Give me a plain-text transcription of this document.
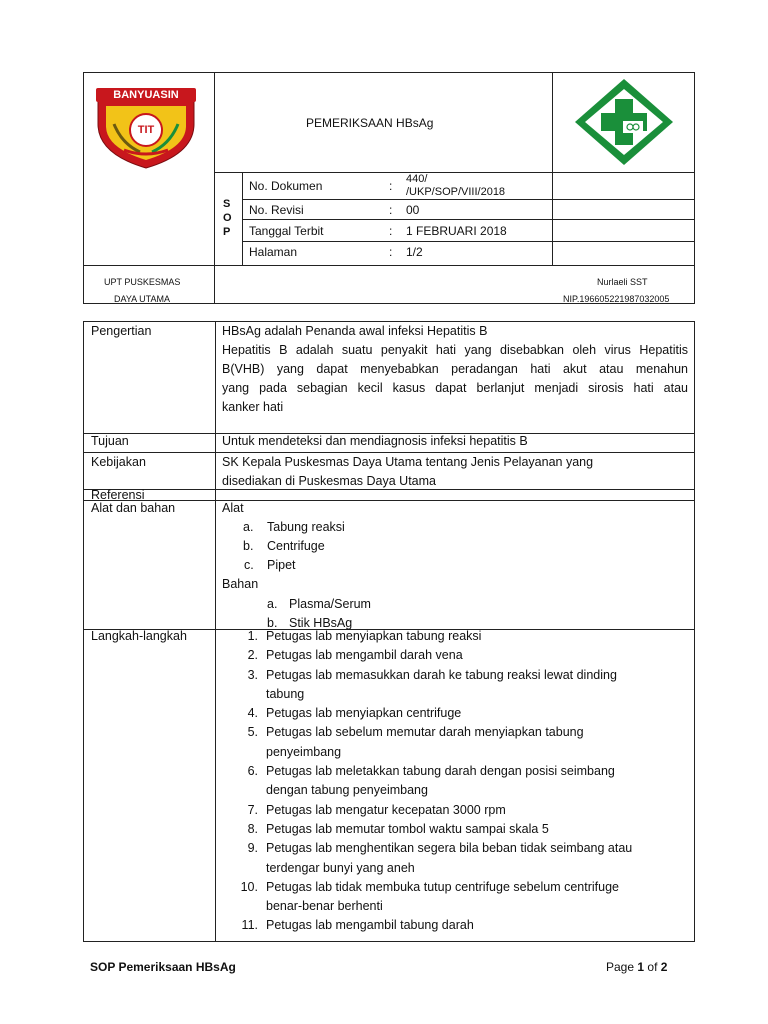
BANYUASIN
TIT	PEMERIKSAAN HBsAg
S
O
P
No. Dokumen	: 440/
/UKP/SOP/VIII/2018
No. Revisi	: 00
Tanggal Terbit	: 1 FEBRUARI 2018
Halaman	: 1/2
UPT PUSKESMAS
DAYA UTAMA
Nurlaeli SST
NIP.196605221987032005
Pengertian	HBsAg adalah Penanda awal infeksi Hepatitis B
Hepatitis B adalah suatu penyakit hati yang disebabkan oleh virus Hepatitis
B(VHB) yang dapat menyebabkan peradangan hati akut atau menahun
yang pada sebagian kecil kasus dapat berlanjut menjadi sirosis hati atau
kanker hati
Tujuan	Untuk mendeteksi dan mendiagnosis infeksi hepatitis B
Kebijakan	SK Kepala Puskesmas Daya Utama tentang Jenis Pelayanan yang
disediakan di Puskesmas Daya Utama
Referensi
Alat dan bahan	Alat
a. Tabung reaksi
b. Centrifuge
c. Pipet
Bahan
a. Plasma/Serum
b. Stik HBsAg
Langkah-langkah	1. Petugas lab menyiapkan tabung reaksi
2. Petugas lab mengambil darah vena
3. Petugas lab memasukkan darah ke tabung reaksi lewat dinding
tabung
4. Petugas lab menyiapkan centrifuge
5. Petugas lab sebelum memutar darah menyiapkan tabung
penyeimbang
6. Petugas lab meletakkan tabung darah dengan posisi seimbang
dengan tabung penyeimbang
7. Petugas lab mengatur kecepatan 3000 rpm
8. Petugas lab memutar tombol waktu sampai skala 5
9. Petugas lab menghentikan segera bila beban tidak seimbang atau
terdengar bunyi yang aneh
10. Petugas lab tidak membuka tutup centrifuge sebelum centrifuge
benar-benar berhenti
11. Petugas lab mengambil tabung darah
SOP Pemeriksaan HBsAg	Page 1 of 2
